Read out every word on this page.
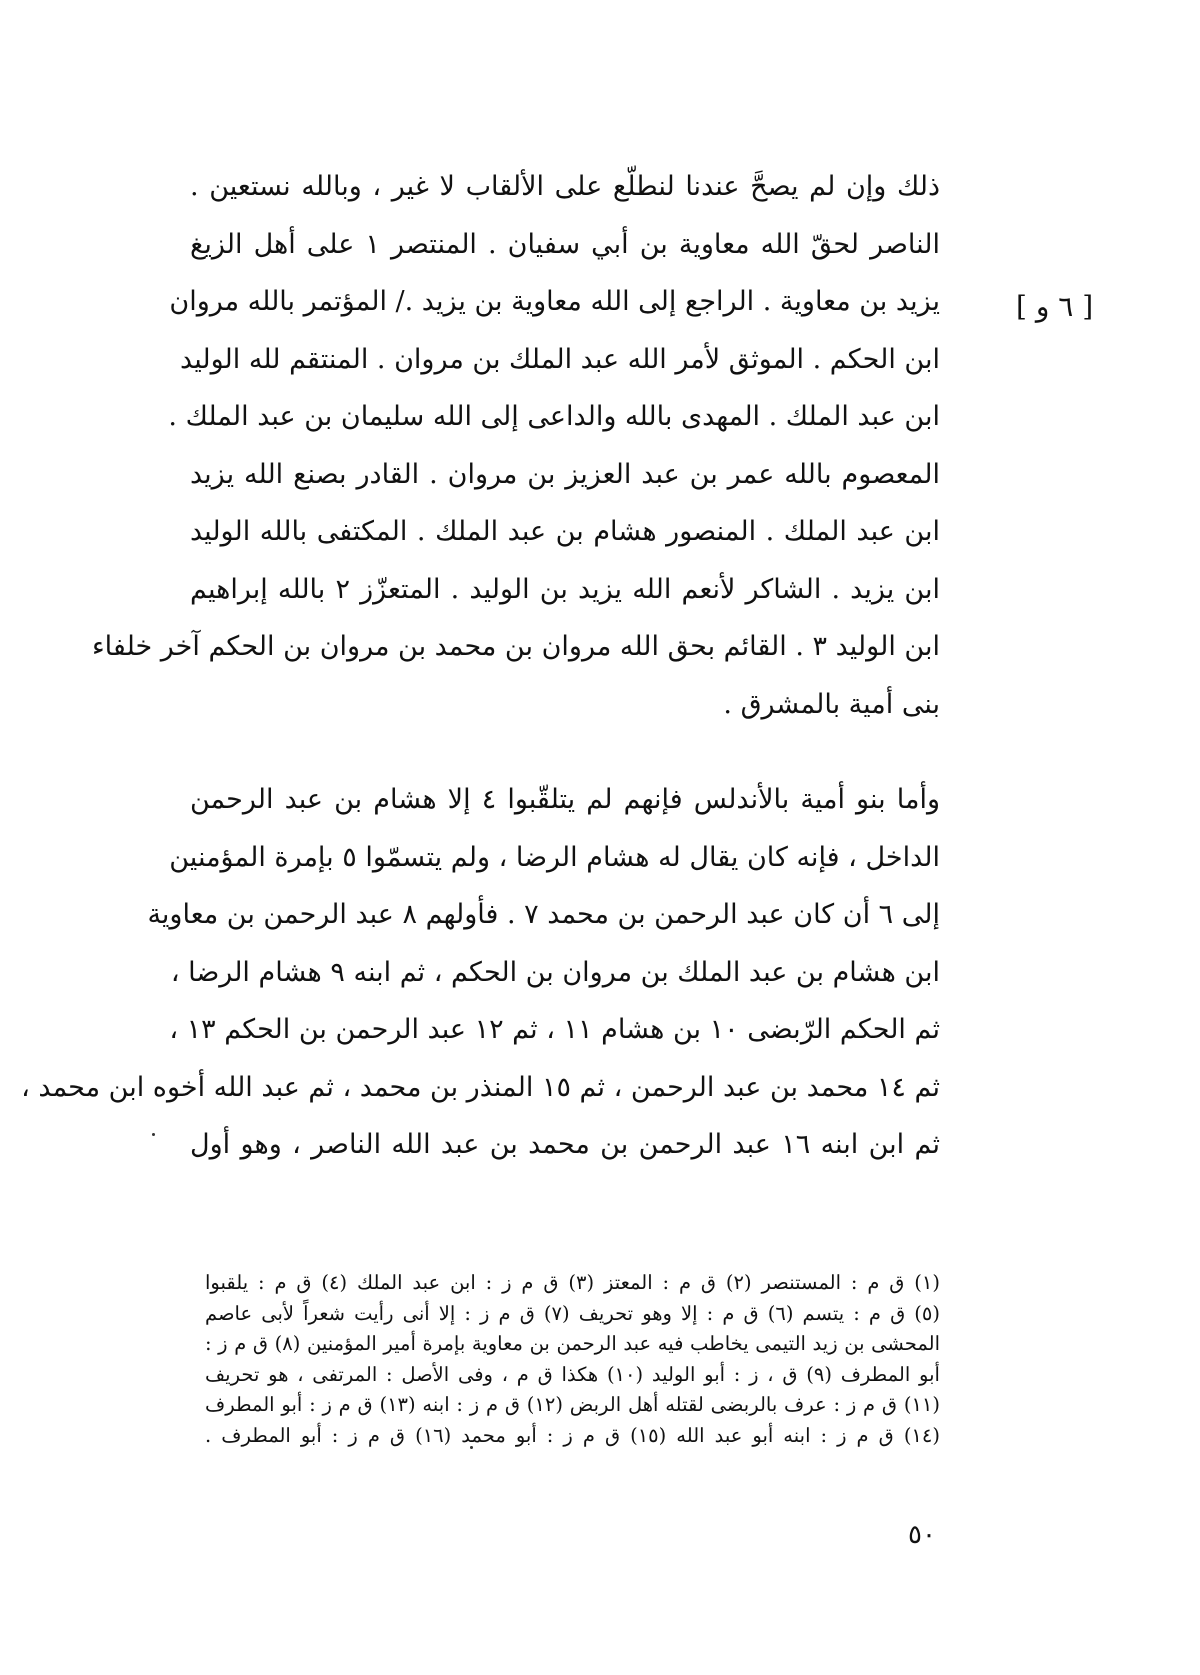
[ ٦ و ]
ذلك وإن لم يصحَّ عندنا لنطلّع على الألقاب لا غير ، وبالله نستعين .
الناصر لحقّ الله معاوية بن أبي سفيان . المنتصر ١ على أهل الزيغ
يزيد بن معاوية . الراجع إلى الله معاوية بن يزيد ./ المؤتمر بالله مروان
ابن الحكم . الموثق لأمر الله عبد الملك بن مروان . المنتقم لله الوليد
ابن عبد الملك . المهدى بالله والداعى إلى الله سليمان بن عبد الملك .
المعصوم بالله عمر بن عبد العزيز بن مروان . القادر بصنع الله يزيد
ابن عبد الملك . المنصور هشام بن عبد الملك . المكتفى بالله الوليد
ابن يزيد . الشاكر لأنعم الله يزيد بن الوليد . المتعزّز ٢ بالله إبراهيم
ابن الوليد ٣ . القائم بحق الله مروان بن محمد بن مروان بن الحكم آخر خلفاء
بنى أمية بالمشرق .
وأما بنو أمية بالأندلس فإنهم لم يتلقّبوا ٤ إلا هشام بن عبد الرحمن
الداخل ، فإنه كان يقال له هشام الرضا ، ولم يتسمّوا ٥ بإمرة المؤمنين
إلى ٦ أن كان عبد الرحمن بن محمد ٧ . فأولهم ٨ عبد الرحمن بن معاوية
ابن هشام بن عبد الملك بن مروان بن الحكم ، ثم ابنه ٩ هشام الرضا ،
ثم الحكم الرّبضى ١٠ بن هشام ١١ ، ثم ١٢ عبد الرحمن بن الحكم ١٣ ،
ثم ١٤ محمد بن عبد الرحمن ، ثم ١٥ المنذر بن محمد ، ثم عبد الله أخوه ابن محمد ،
ثم ابن ابنه ١٦ عبد الرحمن بن محمد بن عبد الله الناصر ، وهو أول
(١) ق م : المستنصر (٢) ق م : المعتز (٣) ق م ز : ابن عبد الملك (٤) ق م : يلقبوا
(٥) ق م : يتسم (٦) ق م : إلا وهو تحريف (٧) ق م ز : إلا أنى رأيت شعراً لأبى عاصم
المحشى بن زيد التيمى يخاطب فيه عبد الرحمن بن معاوية بإمرة أمير المؤمنين (٨) ق م ز :
أبو المطرف (٩) ق ، ز : أبو الوليد (١٠) هكذا ق م ، وفى الأصل : المرتفى ، هو تحريف
(١١) ق م ز : عرف بالربضى لقتله أهل الربض (١٢) ق م ز : ابنه (١٣) ق م ز : أبو المطرف
(١٤) ق م ز : ابنه أبو عبد الله (١٥) ق م ز : أبو محمد (١٦) ق م ز : أبو المطرف .
٥٠
